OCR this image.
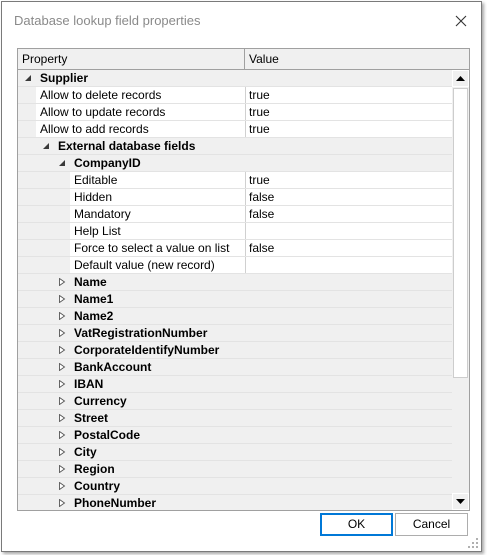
Database lookup field properties
Property	Value
Supplier
Allow to delete records	true
Allow to update records	true
Allow to add records	true
External database fields
CompanyID
Editable	true
Hidden	false
Mandatory	false
Help List
Force to select a value on list	false
Default value (new record)
Name
Name1
Name2
VatRegistrationNumber
CorporateIdentifyNumber
BankAccount
IBAN
Currency
Street
PostalCode
City
Region
Country
PhoneNumber
OK	Cancel
